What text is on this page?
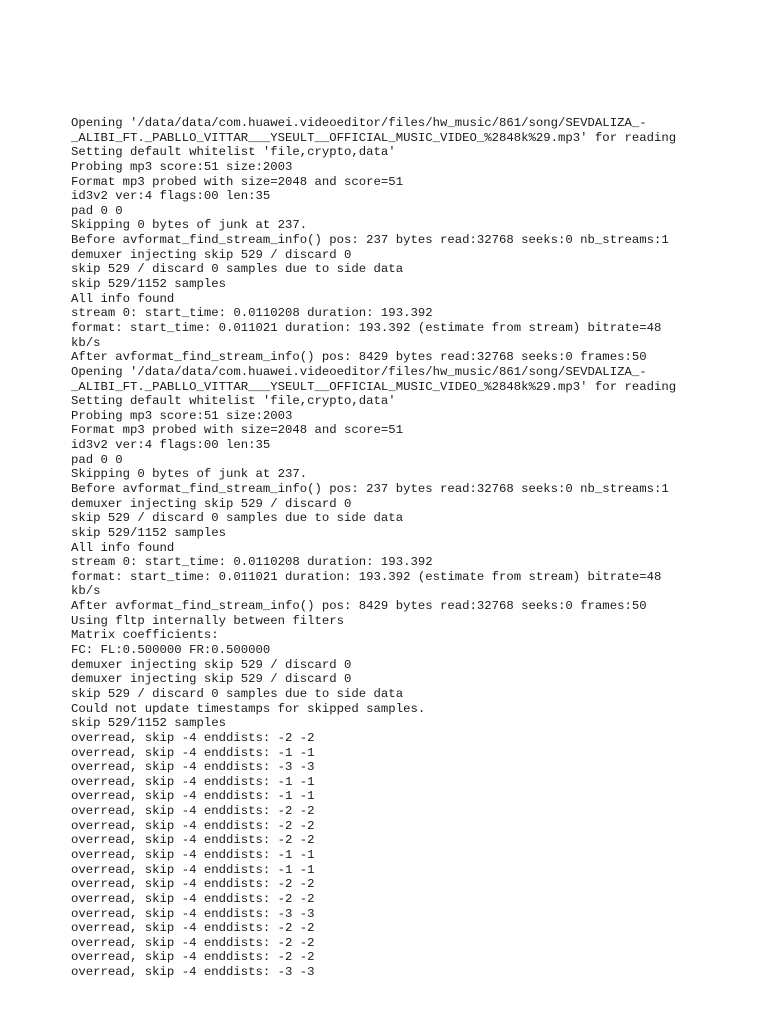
Opening '/data/data/com.huawei.videoeditor/files/hw_music/861/song/SEVDALIZA_-
_ALIBI_FT._PABLLO_VITTAR___YSEULT__OFFICIAL_MUSIC_VIDEO_%2848k%29.mp3' for reading
Setting default whitelist 'file,crypto,data'
Probing mp3 score:51 size:2003
Format mp3 probed with size=2048 and score=51
id3v2 ver:4 flags:00 len:35
pad 0 0
Skipping 0 bytes of junk at 237.
Before avformat_find_stream_info() pos: 237 bytes read:32768 seeks:0 nb_streams:1
demuxer injecting skip 529 / discard 0
skip 529 / discard 0 samples due to side data
skip 529/1152 samples
All info found
stream 0: start_time: 0.0110208 duration: 193.392
format: start_time: 0.011021 duration: 193.392 (estimate from stream) bitrate=48
kb/s
After avformat_find_stream_info() pos: 8429 bytes read:32768 seeks:0 frames:50
Opening '/data/data/com.huawei.videoeditor/files/hw_music/861/song/SEVDALIZA_-
_ALIBI_FT._PABLLO_VITTAR___YSEULT__OFFICIAL_MUSIC_VIDEO_%2848k%29.mp3' for reading
Setting default whitelist 'file,crypto,data'
Probing mp3 score:51 size:2003
Format mp3 probed with size=2048 and score=51
id3v2 ver:4 flags:00 len:35
pad 0 0
Skipping 0 bytes of junk at 237.
Before avformat_find_stream_info() pos: 237 bytes read:32768 seeks:0 nb_streams:1
demuxer injecting skip 529 / discard 0
skip 529 / discard 0 samples due to side data
skip 529/1152 samples
All info found
stream 0: start_time: 0.0110208 duration: 193.392
format: start_time: 0.011021 duration: 193.392 (estimate from stream) bitrate=48
kb/s
After avformat_find_stream_info() pos: 8429 bytes read:32768 seeks:0 frames:50
Using fltp internally between filters
Matrix coefficients:
FC: FL:0.500000 FR:0.500000
demuxer injecting skip 529 / discard 0
demuxer injecting skip 529 / discard 0
skip 529 / discard 0 samples due to side data
Could not update timestamps for skipped samples.
skip 529/1152 samples
overread, skip -4 enddists: -2 -2
overread, skip -4 enddists: -1 -1
overread, skip -4 enddists: -3 -3
overread, skip -4 enddists: -1 -1
overread, skip -4 enddists: -1 -1
overread, skip -4 enddists: -2 -2
overread, skip -4 enddists: -2 -2
overread, skip -4 enddists: -2 -2
overread, skip -4 enddists: -1 -1
overread, skip -4 enddists: -1 -1
overread, skip -4 enddists: -2 -2
overread, skip -4 enddists: -2 -2
overread, skip -4 enddists: -3 -3
overread, skip -4 enddists: -2 -2
overread, skip -4 enddists: -2 -2
overread, skip -4 enddists: -2 -2
overread, skip -4 enddists: -3 -3
